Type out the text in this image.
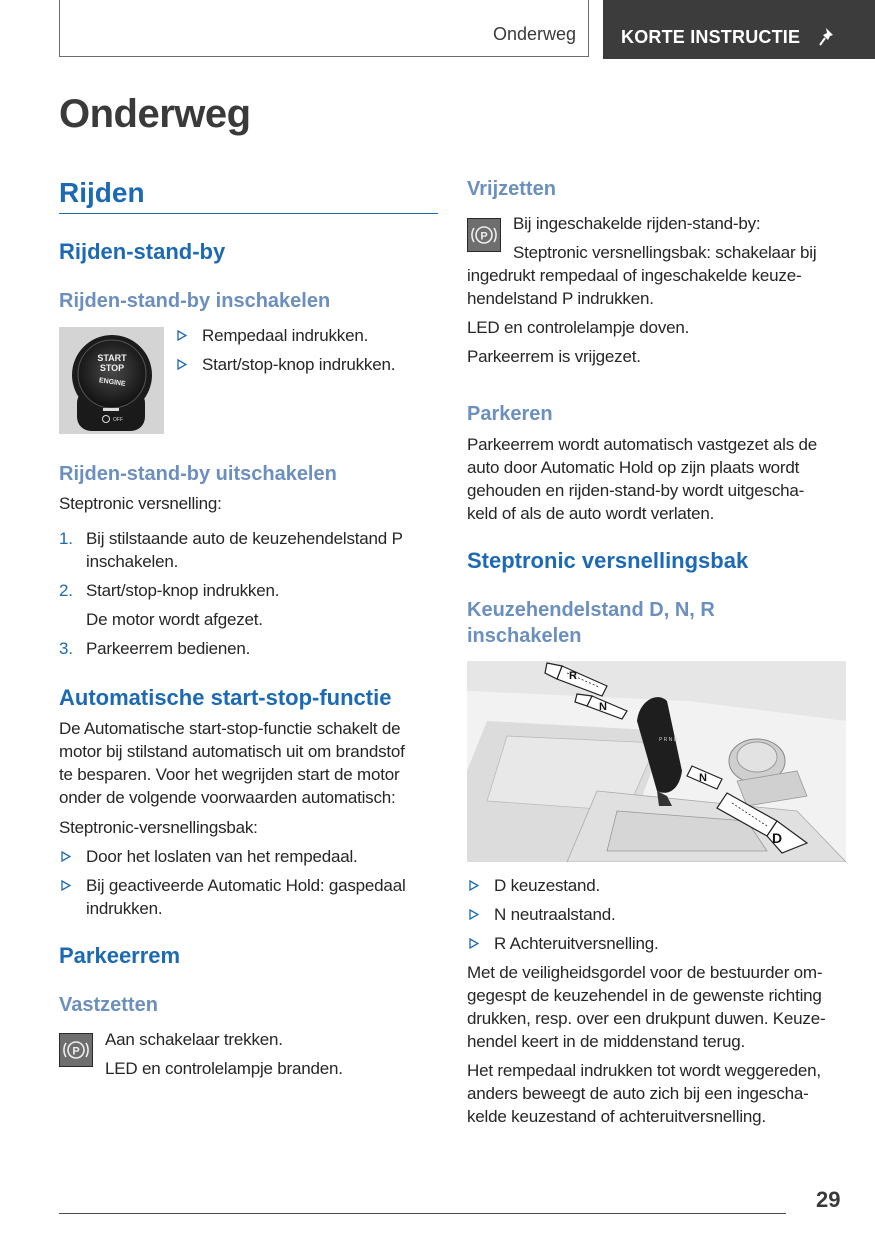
Onderweg	KORTE INSTRUCTIE
Onderweg
Rijden
Rijden-stand-by
Rijden-stand-by inschakelen
START
STOP
ENGINE
OFF
Rempedaal indrukken.
Start/stop-knop indrukken.
Rijden-stand-by uitschakelen
Steptronic versnelling:
1. Bij stilstaande auto de keuzehendelstand P
inschakelen.
2. Start/stop-knop indrukken.
De motor wordt afgezet.
3. Parkeerrem bedienen.
Automatische start-stop-functie
De Automatische start-stop-functie schakelt de
motor bij stilstand automatisch uit om brandstof
te besparen. Voor het wegrijden start de motor
onder de volgende voorwaarden automatisch:
Steptronic-versnellingsbak:
Door het loslaten van het rempedaal.
Bij geactiveerde Automatic Hold: gaspedaal
indrukken.
Parkeerrem
Vastzetten
P
Aan schakelaar trekken.
LED en controlelampje branden.
Vrijzetten
P
Bij ingeschakelde rijden-stand-by:
Steptronic versnellingsbak: schakelaar bij
ingedrukt rempedaal of ingeschakelde keuze-
hendelstand P indrukken.
LED en controlelampje doven.
Parkeerrem is vrijgezet.
Parkeren
Parkeerrem wordt automatisch vastgezet als de
auto door Automatic Hold op zijn plaats wordt
gehouden en rijden-stand-by wordt uitgescha-
keld of als de auto wordt verlaten.
Steptronic versnellingsbak
Keuzehendelstand D, N, R
inschakelen
P R N D
R
N
N
D
D keuzestand.
N neutraalstand.
R Achteruitversnelling.
Met de veiligheidsgordel voor de bestuurder om-
gegespt de keuzehendel in de gewenste richting
drukken, resp. over een drukpunt duwen. Keuze-
hendel keert in de middenstand terug.
Het rempedaal indrukken tot wordt weggereden,
anders beweegt de auto zich bij een ingescha-
kelde keuzestand of achteruitversnelling.
29
